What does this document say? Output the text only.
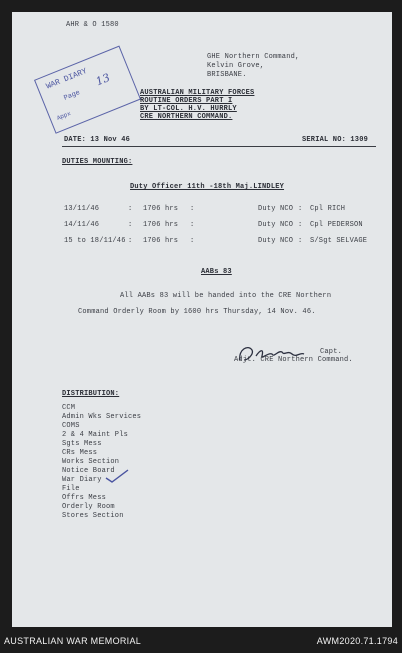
AHR & O 1580
GHE Northern Command,
Kelvin Grove,
BRISBANE.
WAR DIARY
Page
13
Appx
AUSTRALIAN MILITARY FORCES
ROUTINE ORDERS PART I
BY LT-COL. H.V. HURRLY
CRE NORTHERN COMMAND.
DATE: 13 Nov 46	SERIAL NO: 1309
DUTIES MOUNTING:
Duty Officer 11th -18th Maj.LINDLEY
13/11/46	: 1706 hrs :	Duty NCO : Cpl RICH
14/11/46	: 1706 hrs :	Duty NCO : Cpl PEDERSON
15 to 18/11/46 : 1706 hrs :	Duty NCO : S/Sgt SELVAGE
AABs 83
All AABs 83 will be handed into the CRE Northern
Command Orderly Room by 1600 hrs Thursday, 14 Nov. 46.
Capt.
Adjt. CRE Northern Command.
DISTRIBUTION:
CCM
Admin Wks Services
COMS
2 & 4 Maint Pls
Sgts Mess
CRs Mess
Works Section
Notice Board
War Diary
File
Offrs Mess
Orderly Room
Stores Section
AUSTRALIAN WAR MEMORIAL	AWM2020.71.1794
